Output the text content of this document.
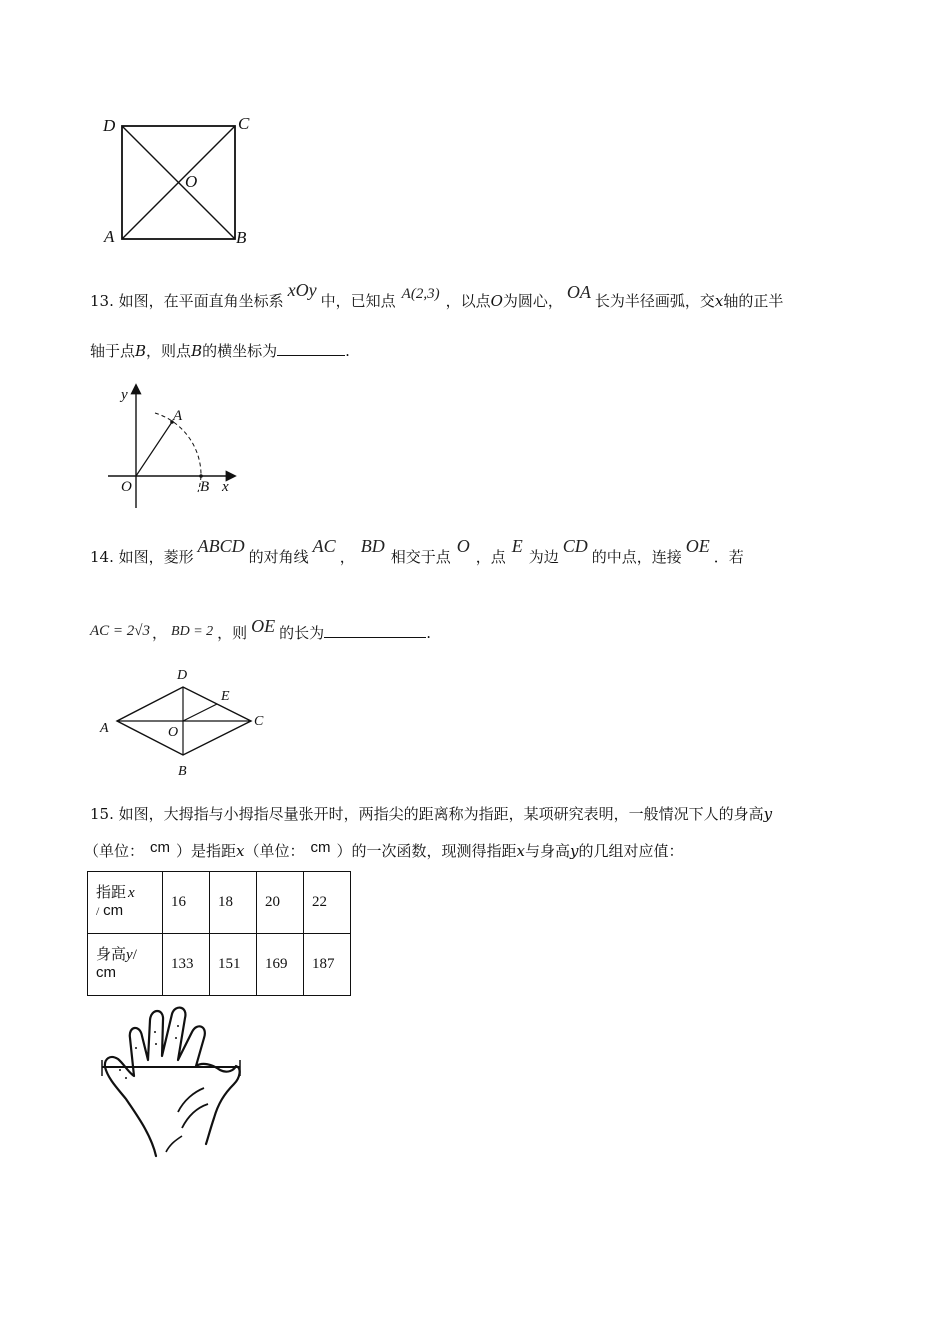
D	C
O
A	B
13. 如图，在平面直角坐标系xOy中，已知点 A(2,3) ，以点O为圆心， OA 长为半径画弧，交x轴的正半
轴于点B，则点B的横坐标为	.
y
A
O	B x
14. 如图，菱形ABCD的对角线AC，BD相交于点O，点E为边CD的中点，连接OE．若
AC = 2√3 ， BD = 2 ，则 OE 的长为	.
D
E
A	C
O
B
15. 如图，大拇指与小拇指尽量张开时，两指尖的距离称为指距，某项研究表明，一般情况下人的身高y
（单位： cm ）是指距x（单位： cm ）的一次函数，现测得指距x与身高y的几组对应值：
指距 x
/ cm	16	18	20	22
身高y/
cm	133	151	169	187
